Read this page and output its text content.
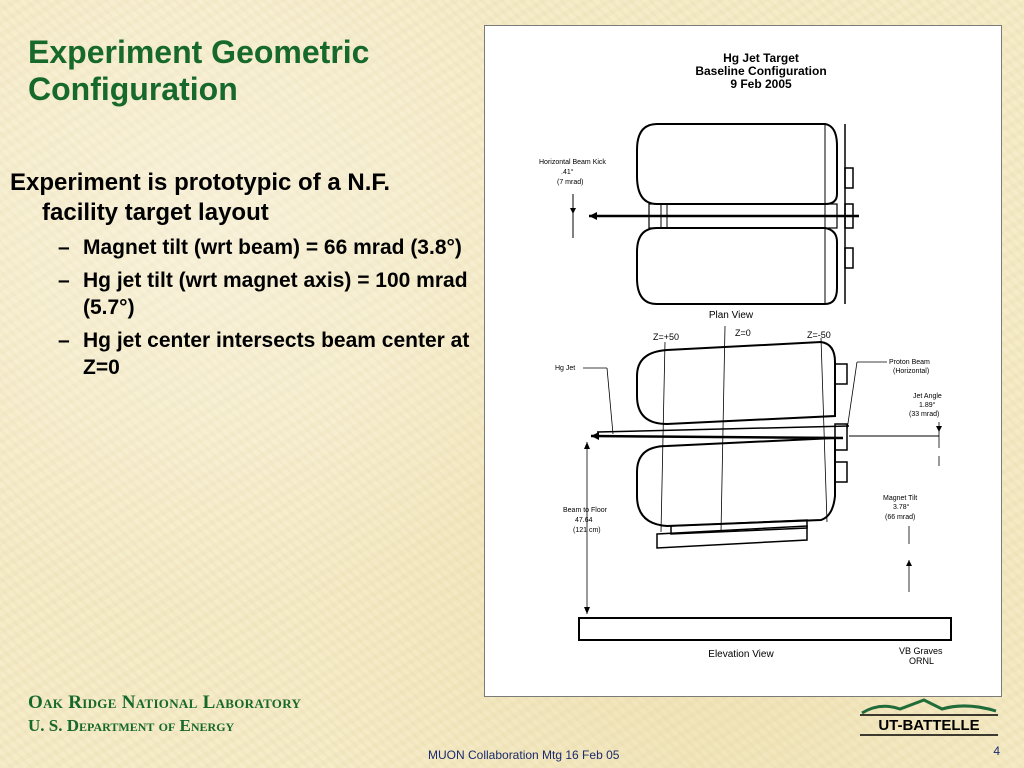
Experiment Geometric Configuration

Experiment is prototypic of a N.F. facility target layout

– Magnet tilt (wrt beam) = 66 mrad (3.8°)
– Hg jet tilt (wrt magnet axis) = 100 mrad (5.7°)
– Hg jet center intersects beam center at Z=0
Hg Jet Target
Baseline Configuration
9 Feb 2005
Horizontal Beam Kick
.41°
(7 mrad)
Plan View
Z=+50	Z=0	Z=-50
Hg Jet
Proton Beam
(Horizontal)
Jet Angle
1.89°
(33 mrad)
Magnet Tilt
3.78°
(66 mrad)
Beam to Floor
47.64
(121 cm)
Elevation View	VB Graves
ORNL
Oak Ridge National Laboratory
U. S. Department of Energy
MUON Collaboration Mtg 16 Feb 05	4
UT-BATTELLE
